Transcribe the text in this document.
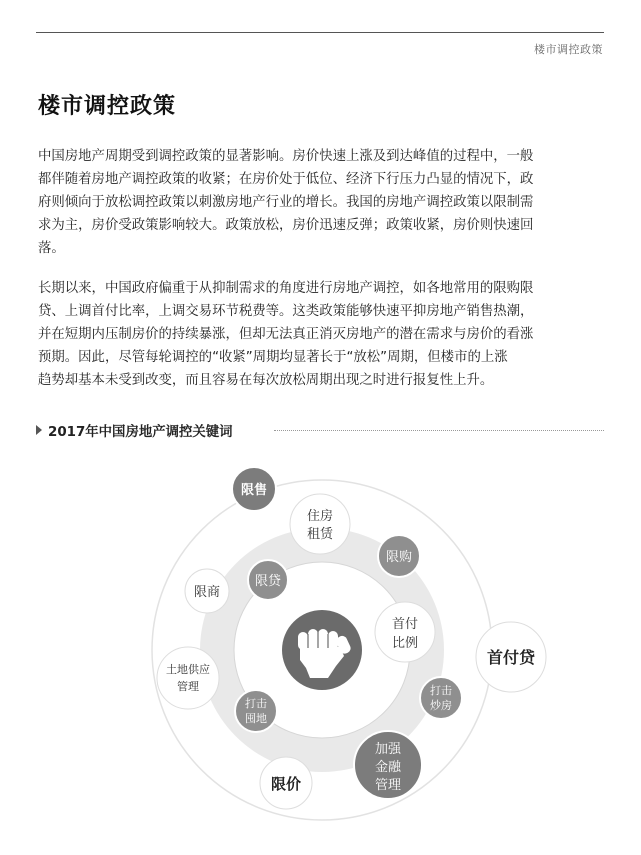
楼市调控政策
楼市调控政策
中国房地产周期受到调控政策的显著影响。房价快速上涨及到达峰值的过程中，一般
都伴随着房地产调控政策的收紧；在房价处于低位、经济下行压力凸显的情况下，政
府则倾向于放松调控政策以刺激房地产行业的增长。我国的房地产调控政策以限制需
求为主，房价受政策影响较大。政策放松，房价迅速反弹；政策收紧，房价则快速回
落。
长期以来，中国政府偏重于从抑制需求的角度进行房地产调控，如各地常用的限购限
贷、上调首付比率，上调交易环节税费等。这类政策能够快速平抑房地产销售热潮，
并在短期内压制房价的持续暴涨，但却无法真正消灭房地产的潜在需求与房价的看涨
预期。因此，尽管每轮调控的“收紧”周期均显著长于“放松”周期，但楼市的上涨
趋势却基本未受到改变，而且容易在每次放松周期出现之时进行报复性上升。
2017年中国房地产调控关键词
限售
住房
租赁
限购
限贷
限商
首付
比例
首付贷
土地供应
管理
打击
囤地
打击
炒房
限价
加强
金融
管理
